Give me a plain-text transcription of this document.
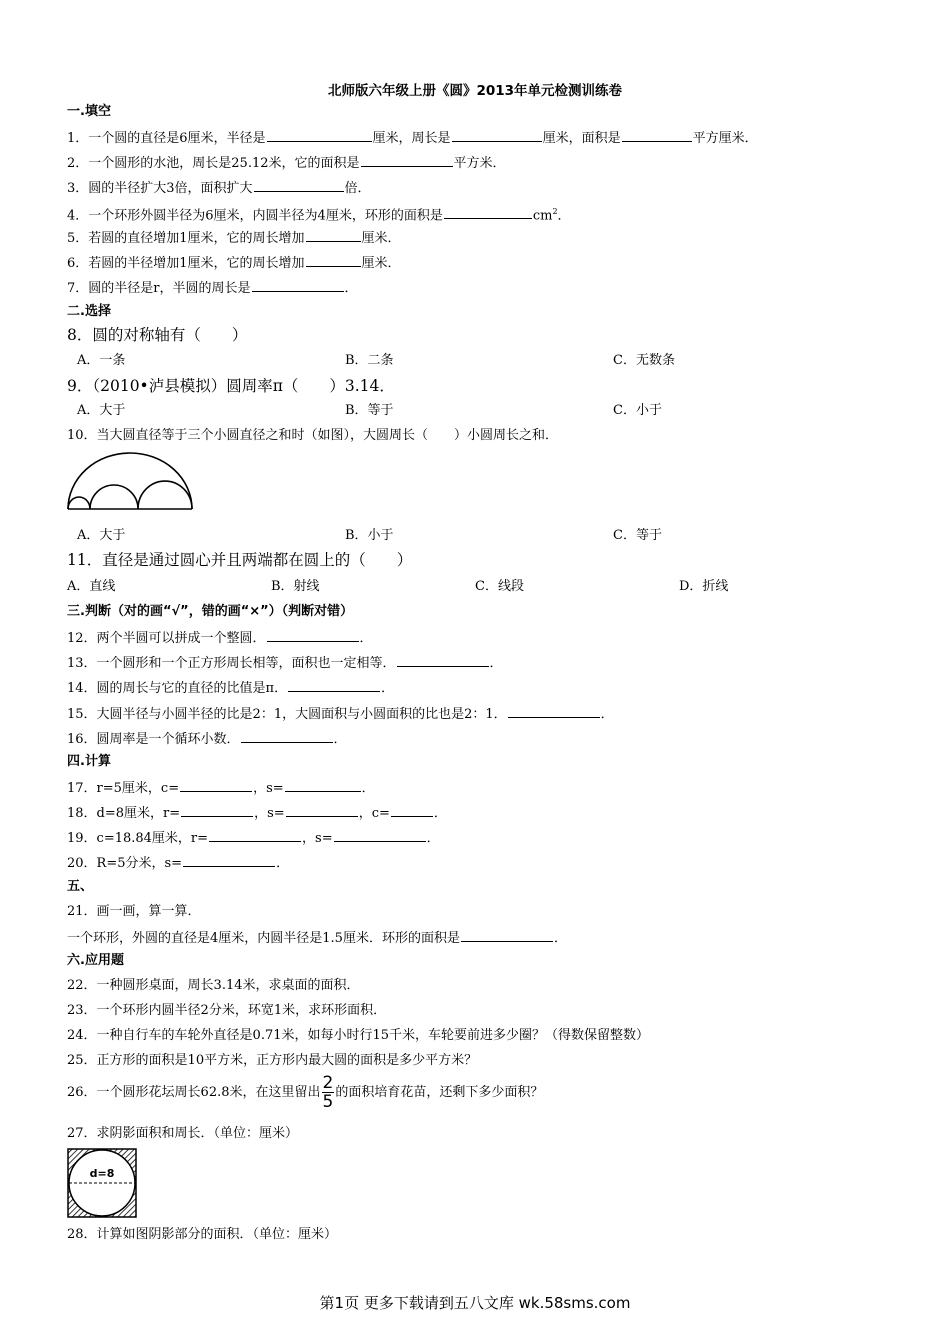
北师版六年级上册《圆》2013年单元检测训练卷
一.填空
1．一个圆的直径是6厘米，半径是	厘米，周长是	厘米，面积是	平方厘米．
2．一个圆形的水池，周长是25.12米，它的面积是	平方米．
3．圆的半径扩大3倍，面积扩大	倍．
4．一个环形外圆半径为6厘米，内圆半径为4厘米，环形的面积是	$cm^2$．
5．若圆的直径增加1厘米，它的周长增加	厘米．
6．若圆的半径增加1厘米，它的周长增加	厘米．
7．圆的半径是r，半圆的周长是	．
二.选择
8．圆的对称轴有（　　）
A．一条	B．二条	C．无数条
9．（2010•泸县模拟）圆周率π（　　）3.14．
A．大于	B．等于	C．小于
10．当大圆直径等于三个小圆直径之和时（如图），大圆周长（　　）小圆周长之和．
A．大于	B．小于	C．等于
11．直径是通过圆心并且两端都在圆上的（　　）
A．直线	B．射线	C．线段	D．折线
三.判断（对的画“√”，错的画“×”）（判断对错）
12．两个半圆可以拼成一个整圆．	．
13．一个圆形和一个正方形周长相等，面积也一定相等．	．
14．圆的周长与它的直径的比值是π．	．
15．大圆半径与小圆半径的比是2：1，大圆面积与小圆面积的比也是2：1．	．
16．圆周率是一个循环小数．	．
四.计算
17．r=5厘米，c=	，s=	．
18．d=8厘米，r=	，s=	，c=	．
19．c=18.84厘米，r=	，s=	．
20．R=5分米，s=	．
五、
21．画一画，算一算．
一个环形，外圆的直径是4厘米，内圆半径是1.5厘米．环形的面积是	．
六.应用题
22．一种圆形桌面，周长3.14米，求桌面的面积．
23．一个环形内圆半径2分米，环宽1米，求环形面积．
24．一种自行车的车轮外直径是0.71米，如每小时行15千米，车轮要前进多少圈？（得数保留整数）
25．正方形的面积是10平方米，正方形内最大圆的面积是多少平方米？
26．一个圆形花坛周长62.8米，在这里留出 $\frac{2}{5}$ 的面积培育花苗，还剩下多少面积？
27．求阴影面积和周长．（单位：厘米）
d=8
28．计算如图阴影部分的面积．（单位：厘米）
第1页 更多下载请到五八文库 wk.58sms.com
